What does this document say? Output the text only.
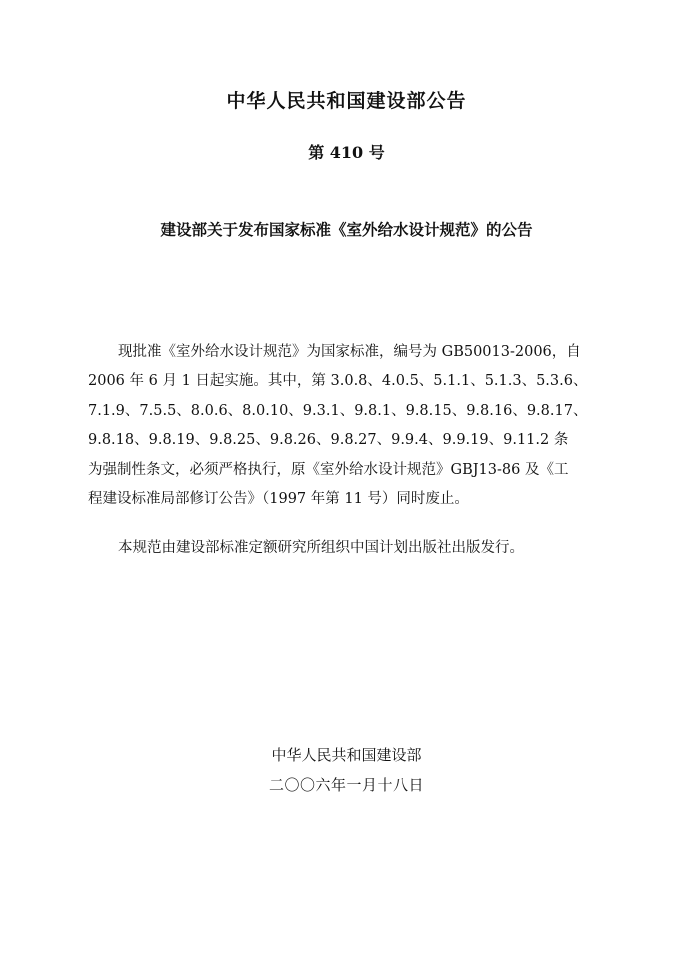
中华人民共和国建设部公告
第 410 号
建设部关于发布国家标准《室外给水设计规范》的公告
现批准《室外给水设计规范》为国家标准，编号为 GB50013-2006，自
2006 年 6 月 1 日起实施。其中，第 3.0.8、4.0.5、5.1.1、5.1.3、5.3.6、
7.1.9、7.5.5、8.0.6、8.0.10、9.3.1、9.8.1、9.8.15、9.8.16、9.8.17、
9.8.18、9.8.19、9.8.25、9.8.26、9.8.27、9.9.4、9.9.19、9.11.2 条
为强制性条文，必须严格执行，原《室外给水设计规范》GBJ13-86 及《工
程建设标准局部修订公告》（1997 年第 11 号）同时废止。
本规范由建设部标准定额研究所组织中国计划出版社出版发行。
中华人民共和国建设部
二〇〇六年一月十八日
